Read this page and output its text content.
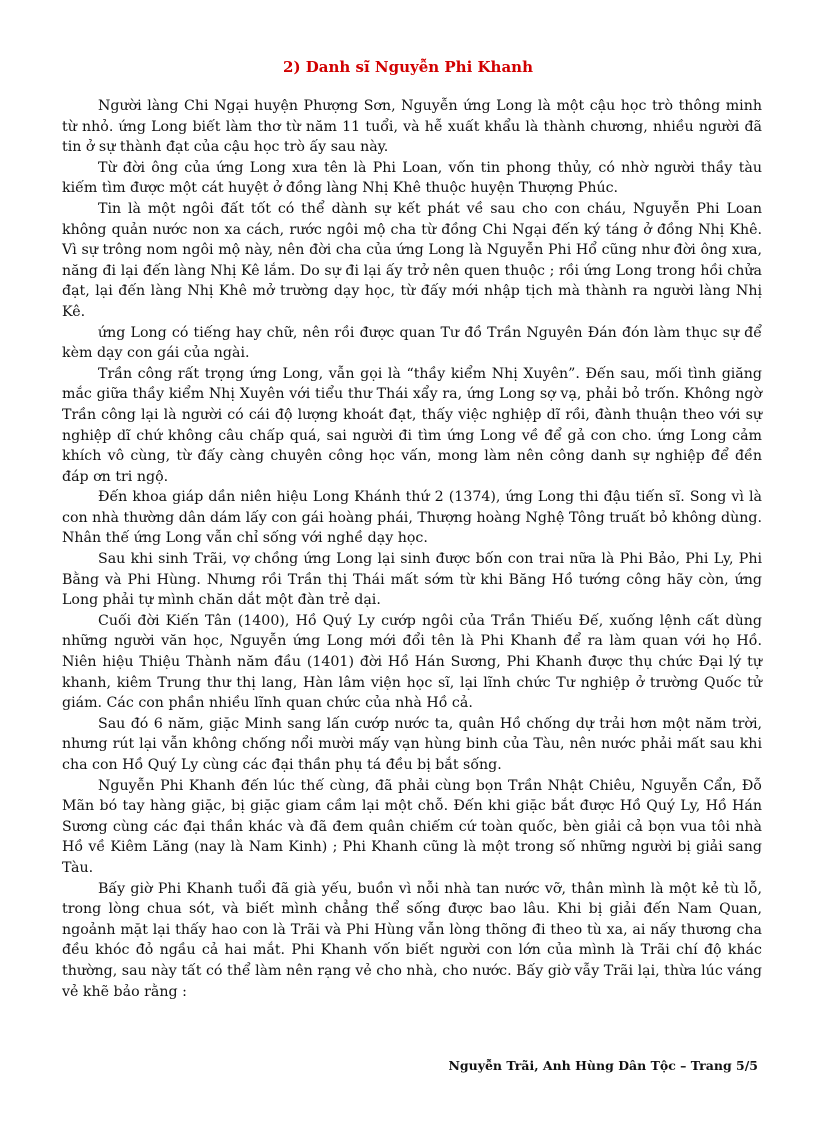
2) Danh sĩ Nguyễn Phi Khanh

Người làng Chi Ngại huyện Phượng Sơn, Nguyễn ứng Long là một cậu học trò thông minh từ nhỏ. ứng Long biết làm thơ từ năm 11 tuổi, và hễ xuất khẩu là thành chương, nhiều người đã tin ở sự thành đạt của cậu học trò ấy sau này.

Từ đời ông của ứng Long xưa tên là Phi Loan, vốn tin phong thủy, có nhờ người thầy tàu kiếm tìm được một cát huyệt ở đồng làng Nhị Khê thuộc huyện Thượng Phúc.

Tin là một ngôi đất tốt có thể dành sự kết phát về sau cho con cháu, Nguyễn Phi Loan không quản nước non xa cách, rước ngôi mộ cha từ đồng Chi Ngại đến ký táng ở đồng Nhị Khê. Vì sự trông nom ngôi mộ này, nên đời cha của ứng Long là Nguyễn Phi Hổ cũng như đời ông xưa, năng đi lại đến làng Nhị Kê lắm. Do sự đi lại ấy trở nên quen thuộc ; rồi ứng Long trong hồi chửa đạt, lại đến làng Nhị Khê mở trường dạy học, từ đấy mới nhập tịch mà thành ra người làng Nhị Kê.

ứng Long có tiếng hay chữ, nên rồi được quan Tư đồ Trần Nguyên Đán đón làm thục sự để kèm dạy con gái của ngài.

Trần công rất trọng ứng Long, vẫn gọi là “thầy kiểm Nhị Xuyên”. Đến sau, mối tình giăng mắc giữa thầy kiểm Nhị Xuyên với tiểu thư Thái xẩy ra, ứng Long sợ vạ, phải bỏ trốn. Không ngờ Trần công lại là người có cái độ lượng khoát đạt, thấy việc nghiệp dĩ rồi, đành thuận theo với sự nghiệp dĩ chứ không câu chấp quá, sai người đi tìm ứng Long về để gả con cho. ứng Long cảm khích vô cùng, từ đấy càng chuyên công học vấn, mong làm nên công danh sự nghiệp để đền đáp ơn tri ngộ.

Đến khoa giáp dần niên hiệu Long Khánh thứ 2 (1374), ứng Long thi đậu tiến sĩ. Song vì là con nhà thường dân dám lấy con gái hoàng phái, Thượng hoàng Nghệ Tông truất bỏ không dùng. Nhân thế ứng Long vẫn chỉ sống với nghề dạy học.

Sau khi sinh Trãi, vợ chồng ứng Long lại sinh được bốn con trai nữa là Phi Bảo, Phi Ly, Phi Bằng và Phi Hùng. Nhưng rồi Trần thị Thái mất sớm từ khi Băng Hồ tướng công hãy còn, ứng Long phải tự mình chăn dắt một đàn trẻ dại.

Cuối đời Kiến Tân (1400), Hồ Quý Ly cướp ngôi của Trần Thiếu Đế, xuống lệnh cất dùng những người văn học, Nguyễn ứng Long mới đổi tên là Phi Khanh để ra làm quan với họ Hồ. Niên hiệu Thiệu Thành năm đầu (1401) đời Hồ Hán Sương, Phi Khanh được thụ chức Đại lý tự khanh, kiêm Trung thư thị lang, Hàn lâm viện học sĩ, lại lĩnh chức Tư nghiệp ở trường Quốc tử giám. Các con phần nhiều lĩnh quan chức của nhà Hồ cả.

Sau đó 6 năm, giặc Minh sang lấn cướp nước ta, quân Hồ chống dự trải hơn một năm trời, nhưng rút lại vẫn không chống nổi mười mấy vạn hùng binh của Tàu, nên nước phải mất sau khi cha con Hồ Quý Ly cùng các đại thần phụ tá đều bị bắt sống.

Nguyễn Phi Khanh đến lúc thế cùng, đã phải cùng bọn Trần Nhật Chiêu, Nguyễn Cẩn, Đỗ Mãn bó tay hàng giặc, bị giặc giam cầm lại một chỗ. Đến khi giặc bắt được Hồ Quý Ly, Hồ Hán Sương cùng các đại thần khác và đã đem quân chiếm cứ toàn quốc, bèn giải cả bọn vua tôi nhà Hồ về Kiêm Lăng (nay là Nam Kinh) ; Phi Khanh cũng là một trong số những người bị giải sang Tàu.

Bấy giờ Phi Khanh tuổi đã già yếu, buồn vì nỗi nhà tan nước vỡ, thân mình là một kẻ tù lỗ, trong lòng chua sót, và biết mình chẳng thể sống được bao lâu. Khi bị giải đến Nam Quan, ngoảnh mặt lại thấy hao con là Trãi và Phi Hùng vẫn lòng thõng đi theo tù xa, ai nấy thương cha đều khóc đỏ ngầu cả hai mắt. Phi Khanh vốn biết người con lớn của mình là Trãi chí độ khác thường, sau này tất có thể làm nên rạng vẻ cho nhà, cho nước. Bấy giờ vẫy Trãi lại, thừa lúc váng vẻ khẽ bảo rằng :

Nguyễn Trãi, Anh Hùng Dân Tộc – Trang 5/5
